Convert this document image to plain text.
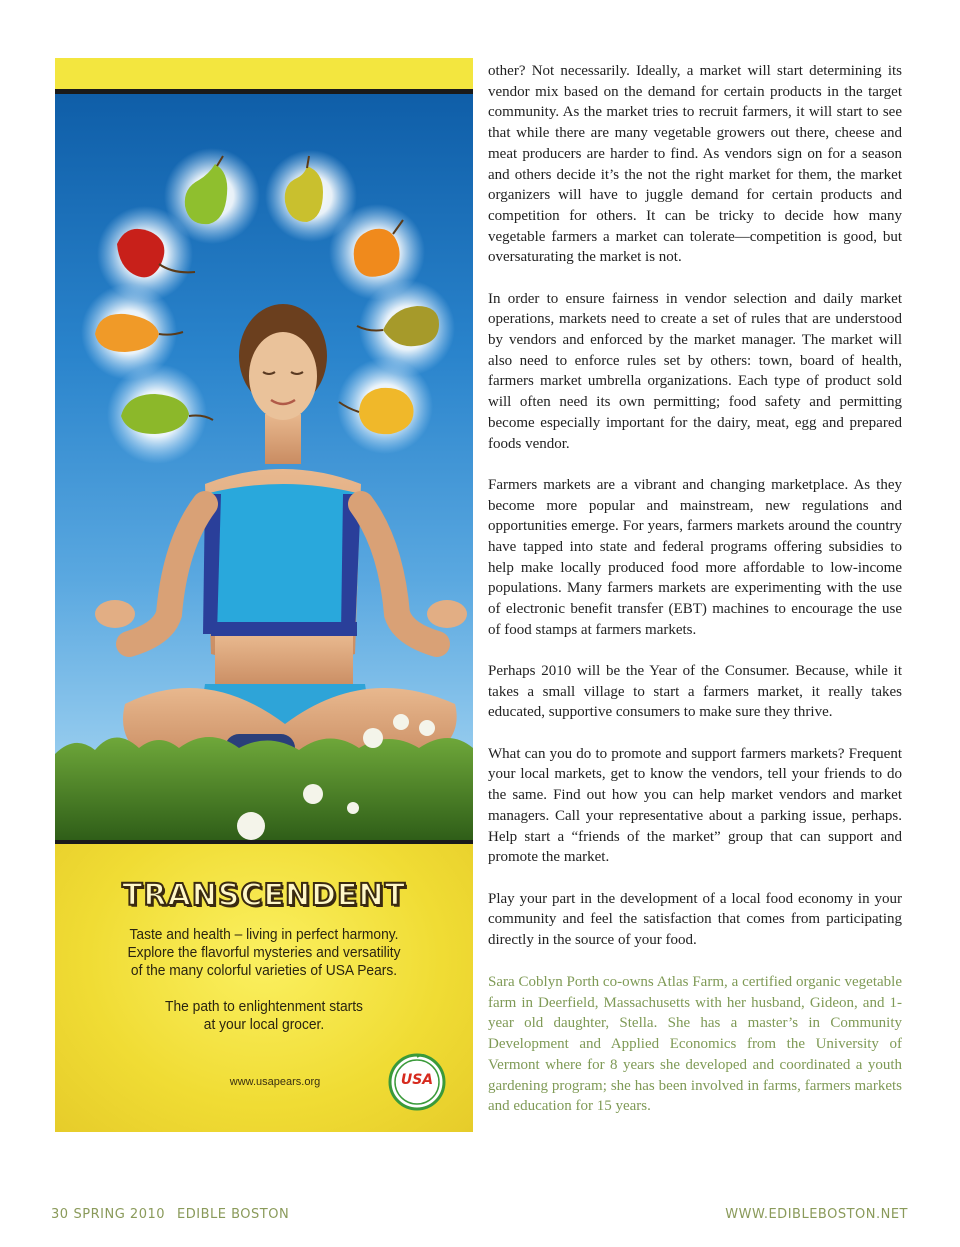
TRANSCENDENT
Taste and health – living in perfect harmony.
Explore the flavorful mysteries and versatility
of the many colorful varieties of USA Pears.
The path to enlightenment starts
at your local grocer.
www.usapears.org	USA

other? Not necessarily. Ideally, a market will start determining its vendor mix based on the demand for certain products in the target community. As the market tries to recruit farmers, it will start to see that while there are many vegetable growers out there, cheese and meat producers are harder to find. As vendors sign on for a season and others decide it’s the not the right market for them, the market organizers will have to juggle demand for certain products and competition for others. It can be tricky to decide how many vegetable farmers a market can tolerate—competition is good, but oversaturating the market is not.

In order to ensure fairness in vendor selection and daily market operations, markets need to create a set of rules that are understood by vendors and enforced by the market manager. The market will also need to enforce rules set by others: town, board of health, farmers market umbrella organizations. Each type of product sold will often need its own permitting; food safety and permitting become especially important for the dairy, meat, egg and prepared foods vendor.

Farmers markets are a vibrant and changing marketplace. As they become more popular and mainstream, new regulations and opportunities emerge. For years, farmers markets around the country have tapped into state and federal programs offering subsidies to help make locally produced food more affordable to low-income populations. Many farmers markets are experimenting with the use of electronic benefit transfer (EBT) machines to encourage the use of food stamps at farmers markets.

Perhaps 2010 will be the Year of the Consumer. Because, while it takes a small village to start a farmers market, it really takes educated, supportive consumers to make sure they thrive.

What can you do to promote and support farmers markets? Frequent your local markets, get to know the vendors, tell your friends to do the same. Find out how you can help market vendors and market managers. Call your representative about a parking issue, perhaps. Help start a “friends of the market” group that can support and promote the market.

Play your part in the development of a local food economy in your community and feel the satisfaction that comes from participating directly in the source of your food.

Sara Coblyn Porth co-owns Atlas Farm, a certified organic vegetable farm in Deerfield, Massachusetts with her husband, Gideon, and 1-year old daughter, Stella. She has a master’s in Community Development and Applied Economics from the University of Vermont where for 8 years she developed and coordinated a youth gardening program; she has been involved in farms, farmers markets and education for 15 years.

30 SPRING 2010 EDIBLE BOSTON	WWW.EDIBLEBOSTON.NET
